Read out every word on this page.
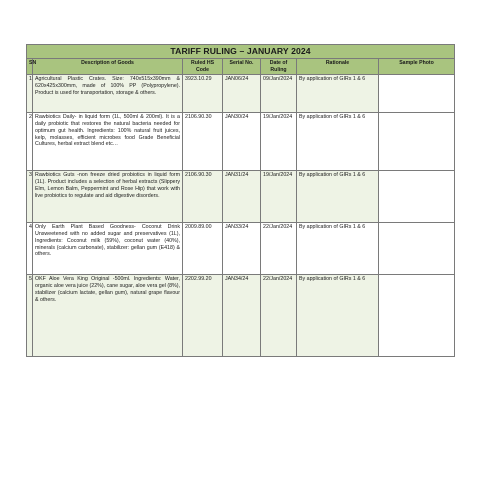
TARIFF RULING – JANUARY 2024						
SN	Description of Goods	Ruled HS Code	Serial No.	Date of Ruling	Rationale	Sample Photo
1	Agricultural Plastic Crates. Size: 740x515x390mm & 620x425x300mm, made of 100% PP (Polypropylene). Product is used for transportation, storage & others.	3923.10.29	JAN06/24	09/Jan/2024	By application of GIRs 1 & 6	
2	Rawbiotics Daily- in liquid form (1L, 500ml & 200ml). It is a daily probiotic that restores the natural bacteria needed for optimum gut health. Ingredients: 100% natural fruit juices, kelp, molasses, efficient microbes food Grade Beneficial Cultures, herbal extract blend etc…	2106.90.30	JAN30/24	19/Jan/2024	By application of GIRs 1 & 6	
3	Rawbiotics Guts -non freeze dried probiotics in liquid form (1L). Product includes a selection of herbal extracts (Slippery Elm, Lemon Balm, Peppermint and Rose Hip) that work with live probiotics to regulate and aid digestive disorders.	2106.90.30	JAN31/24	19/Jan/2024	By application of GIRs 1 & 6	
4	Only Earth Plant Based Goodness- Coconut Drink Unsweetened with no added sugar and preservatives (1L), Ingredients: Coconut milk (59%), coconut water (40%), minerals (calcium carbonate), stabilizer: gellan gum (E418) & others.	2009.89.00	JAN33/24	22/Jan/2024	By application of GIRs 1 & 6	
5	OKF Aloe Vera King Original -500ml. Ingredients: Water, organic aloe vera juice (22%), cane sugar, aloe vera gel (8%), stabilizer (calcium lactate, gellan gum), natural grape flavour & others.	2202.99.20	JAN34/24	22/Jan/2024	By application of GIRs 1 & 6	
